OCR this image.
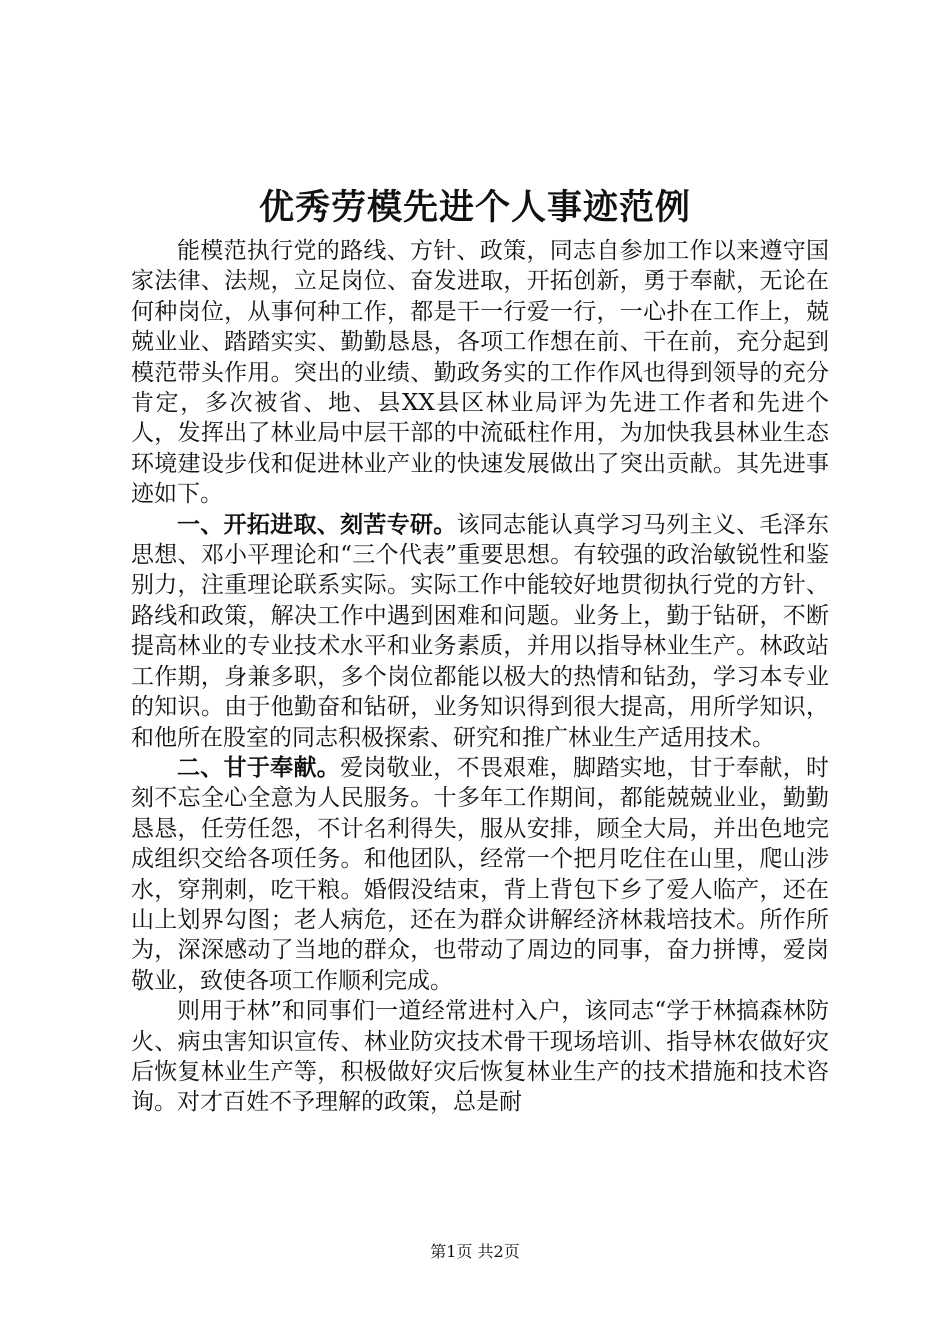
优秀劳模先进个人事迹范例

能模范执行党的路线、方针、政策，同志自参加工作以来遵守国家法律、法规，立足岗位、奋发进取，开拓创新，勇于奉献，无论在何种岗位，从事何种工作，都是干一行爱一行，一心扑在工作上，兢兢业业、踏踏实实、勤勤恳恳，各项工作想在前、干在前，充分起到模范带头作用。突出的业绩、勤政务实的工作作风也得到领导的充分肯定，多次被省、地、县XX县区林业局评为先进工作者和先进个人，发挥出了林业局中层干部的中流砥柱作用，为加快我县林业生态环境建设步伐和促进林业产业的快速发展做出了突出贡献。其先进事迹如下。

一、开拓进取、刻苦专研。该同志能认真学习马列主义、毛泽东思想、邓小平理论和“三个代表”重要思想。有较强的政治敏锐性和鉴别力，注重理论联系实际。实际工作中能较好地贯彻执行党的方针、路线和政策，解决工作中遇到困难和问题。业务上，勤于钻研，不断提高林业的专业技术水平和业务素质，并用以指导林业生产。林政站工作期，身兼多职，多个岗位都能以极大的热情和钻劲，学习本专业的知识。由于他勤奋和钻研，业务知识得到很大提高，用所学知识，和他所在股室的同志积极探索、研究和推广林业生产适用技术。

二、甘于奉献。爱岗敬业，不畏艰难，脚踏实地，甘于奉献，时刻不忘全心全意为人民服务。十多年工作期间，都能兢兢业业，勤勤恳恳，任劳任怨，不计名利得失，服从安排，顾全大局，并出色地完成组织交给各项任务。和他团队，经常一个把月吃住在山里，爬山涉水，穿荆刺，吃干粮。婚假没结束，背上背包下乡了爱人临产，还在山上划界勾图；老人病危，还在为群众讲解经济林栽培技术。所作所为，深深感动了当地的群众，也带动了周边的同事，奋力拼博，爱岗敬业，致使各项工作顺利完成。

则用于林”和同事们一道经常进村入户，该同志“学于林搞森林防火、病虫害知识宣传、林业防灾技术骨干现场培训、指导林农做好灾后恢复林业生产等，积极做好灾后恢复林业生产的技术措施和技术咨询。对才百姓不予理解的政策，总是耐

第1页 共2页
